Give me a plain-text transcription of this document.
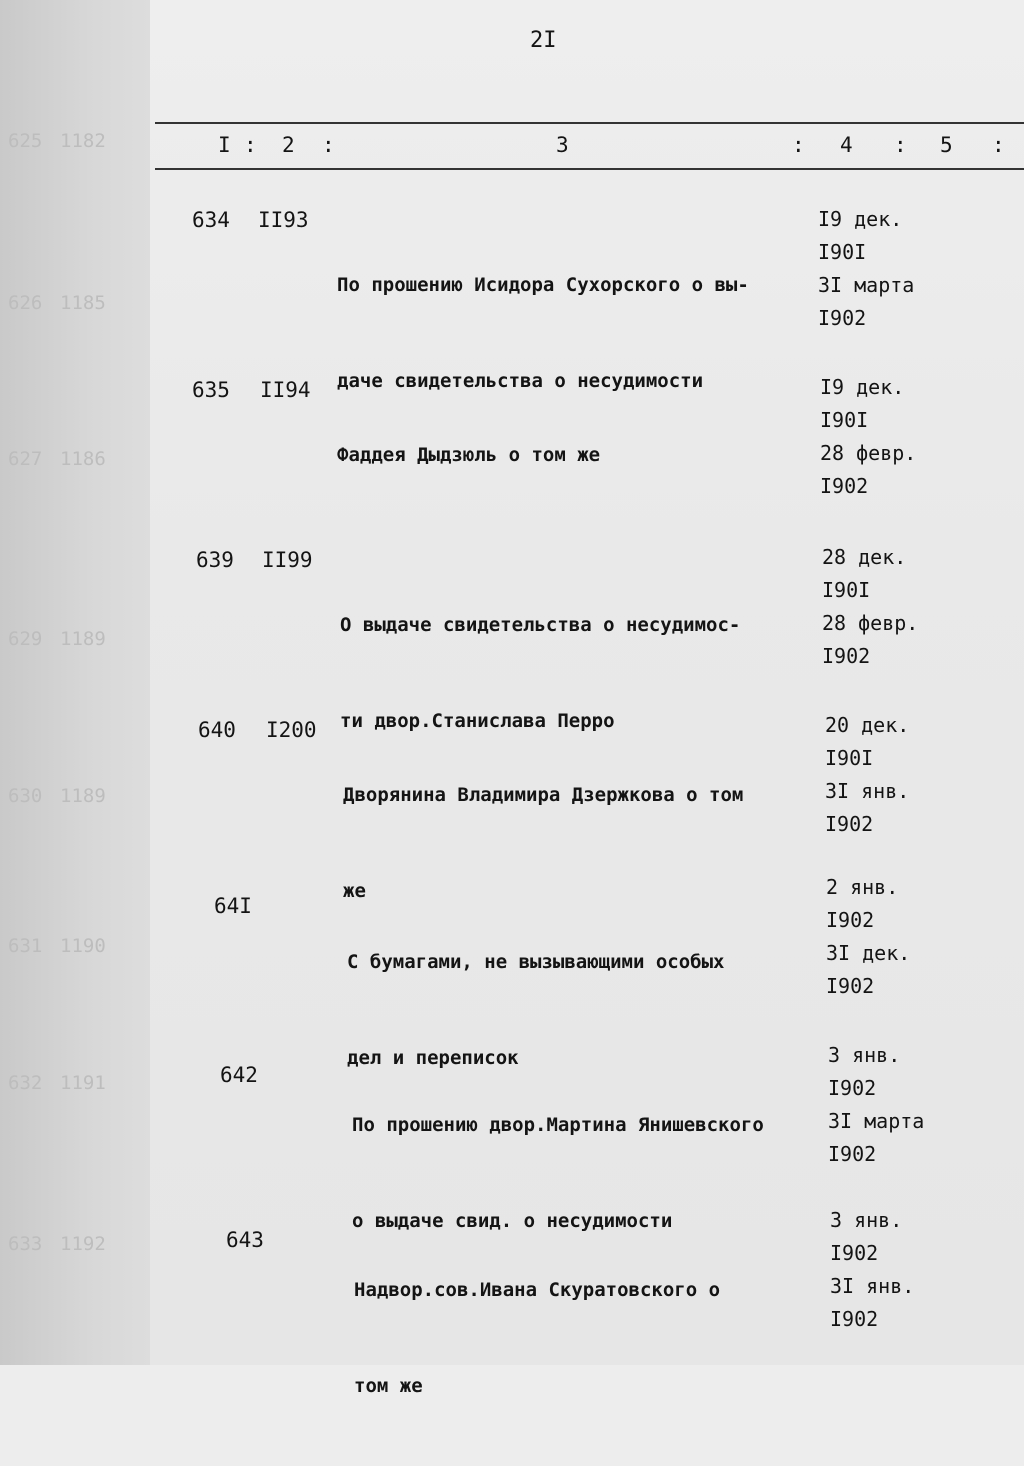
1182
1185
1186
1189
1189
1190
1191
1192
625
626
627
629
630
631
632
633
2I
I : 2 :	3	: 4 : 5 :
634 II93

По прошению Исидора Сухорского о вы-

даче свидетельства о несудимости

I9 дек.
I90I
3I марта
I902
635 II94

Фаддея Дыдзюль о том же

I9 дек.
I90I
28 февр.
I902
639 II99

О выдаче свидетельства о несудимос-

ти двор.Станислава Перро

28 дек.
I90I
28 февр.
I902
640 I200

Дворянина Владимира Дзержкова о том

же

20 дек.
I90I
3I янв.
I902
64I

С бумагами, не вызывающими особых

дел и переписок

2 янв.
I902
3I дек.
I902
642

По прошению двор.Мартина Янишевского

о выдаче свид. о несудимости

3 янв.
I902
3I марта
I902
643

Надвор.сов.Ивана Скуратовского о

том же

3 янв.
I902
3I янв.
I902
